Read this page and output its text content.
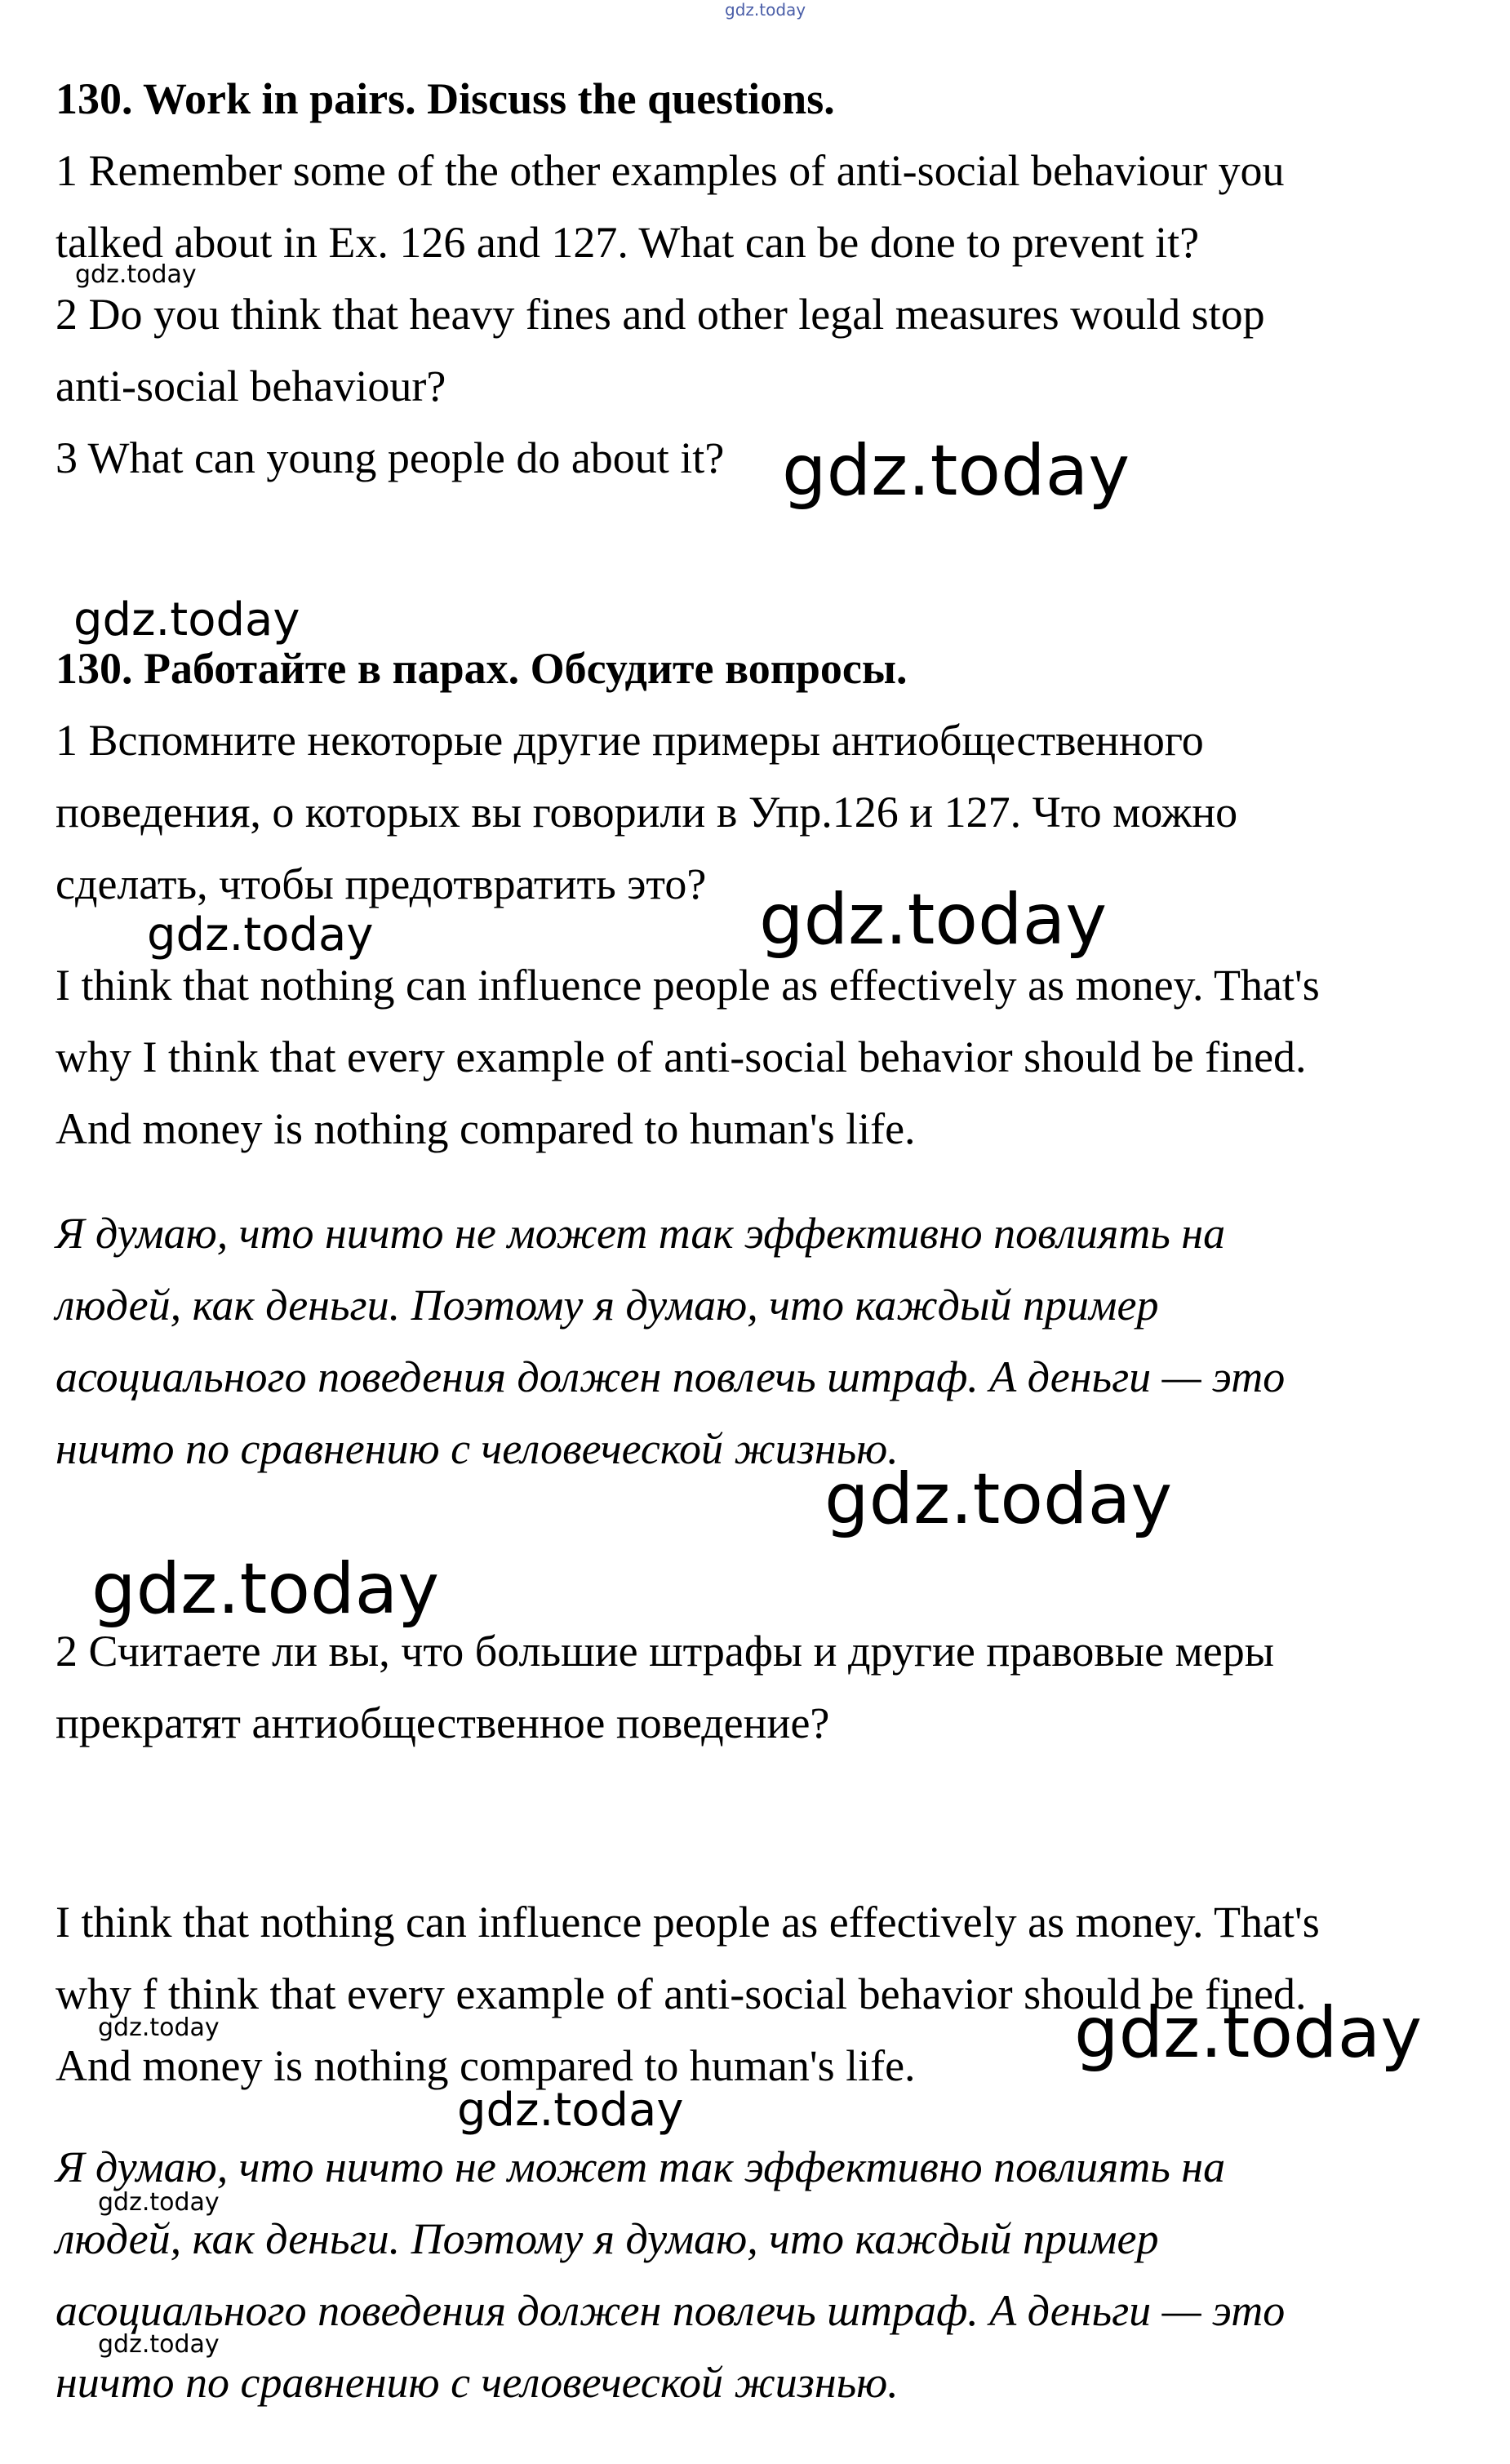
gdz.today
gdz.today
gdz.today
gdz.today
gdz.today	gdz.today
gdz.today
gdz.today
gdz.today	gdz.today
gdz.today
gdz.today
gdz.today
130. Work in pairs. Discuss the questions.
1 Remember some of the other examples of anti-social behaviour you
talked about in Ex. 126 and 127. What can be done to prevent it?
2 Do you think that heavy fines and other legal measures would stop
anti-social behaviour?
3 What can young people do about it?
130. Работайте в парах. Обсудите вопросы.
1 Вспомните некоторые другие примеры антиобщественного
поведения, о которых вы говорили в Упр.126 и 127. Что можно
сделать, чтобы предотвратить это?
I think that nothing can influence people as effectively as money. That's
why I think that every example of anti-social behavior should be fined.
And money is nothing compared to human's life.
Я думаю, что ничто не может так эффективно повлиять на
людей, как деньги. Поэтому я думаю, что каждый пример
асоциального поведения должен повлечь штраф. А деньги — это
ничто по сравнению с человеческой жизнью.
2 Считаете ли вы, что большие штрафы и другие правовые меры
прекратят антиобщественное поведение?
I think that nothing can influence people as effectively as money. That's
why f think that every example of anti-social behavior should be fined.
And money is nothing compared to human's life.
Я думаю, что ничто не может так эффективно повлиять на
людей, как деньги. Поэтому я думаю, что каждый пример
асоциального поведения должен повлечь штраф. А деньги — это
ничто по сравнению с человеческой жизнью.
